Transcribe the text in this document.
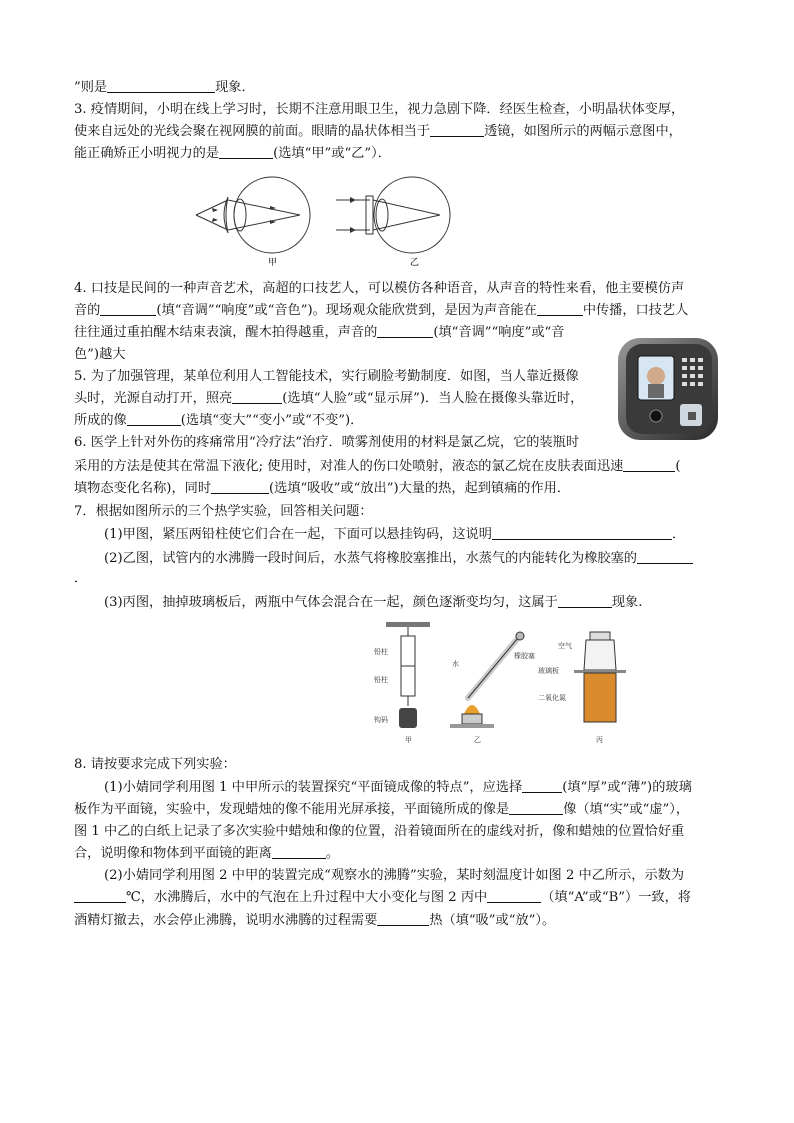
”则是	现象．
3. 疫情期间，小明在线上学习时，长期不注意用眼卫生，视力急剧下降．经医生检查，小明晶状体变厚，
使来自远处的光线会聚在视网膜的前面。眼睛的晶状体相当于	透镜，如图所示的两幅示意图中，
能正确矫正小明视力的是	(选填“甲”或“乙”）．
甲	乙
4. 口技是民间的一种声音艺术，高超的口技艺人，可以模仿各种语音，从声音的特性来看，他主要模仿声
音的	(填“音调”“响度”或“音色”)。现场观众能欣赏到，是因为声音能在	中传播，口技艺人
往往通过重拍醒木结束表演，醒木拍得越重，声音的	(填“音调”“响度”或“音
色”)越大
5. 为了加强管理，某单位利用人工智能技术，实行刷脸考勤制度．如图，当人靠近摄像
头时，光源自动打开，照亮	(选填“人脸”或“显示屏”)．当人脸在摄像头靠近时，
所成的像	(选填“变大”“变小”或“不变”)．
6. 医学上针对外伤的疼痛常用“冷疗法”治疗．喷雾剂使用的材料是氯乙烷，它的装瓶时
采用的方法是使其在常温下液化; 使用时，对准人的伤口处喷射，液态的氯乙烷在皮肤表面迅速	(
填物态变化名称)，同时	(选填“吸收”或“放出”)大量的热，起到镇痛的作用．
7．根据如图所示的三个热学实验，回答相关问题：
(1)甲图，紧压两铅柱使它们合在一起，下面可以悬挂钩码，这说明	．
(2)乙图，试管内的水沸腾一段时间后，水蒸气将橡胶塞推出，水蒸气的内能转化为橡胶塞的
．
(3)丙图，抽掉玻璃板后，两瓶中气体会混合在一起，颜色逐渐变均匀，这属于	现象.
铅柱
铅柱
钩码
甲
水
橡胶塞
乙
空气
玻璃板
二氧化氮
丙
8. 请按要求完成下列实验：
(1)小婧同学利用图 1 中甲所示的装置探究“平面镜成像的特点”，应选择	(填“厚”或“薄”)的玻璃
板作为平面镜，实验中，发现蜡烛的像不能用光屏承接，平面镜所成的像是	像（填“实”或“虚”），
图 1 中乙的白纸上记录了多次实验中蜡烛和像的位置，沿着镜面所在的虚线对折，像和蜡烛的位置恰好重
合，说明像和物体到平面镜的距离	。
(2)小婧同学利用图 2 中甲的装置完成“观察水的沸腾”实验，某时刻温度计如图 2 中乙所示，示数为
℃，水沸腾后，水中的气泡在上升过程中大小变化与图 2 丙中	（填“A”或“B”）一致，将
酒精灯撤去，水会停止沸腾，说明水沸腾的过程需要	热（填“吸”或“放”）。
